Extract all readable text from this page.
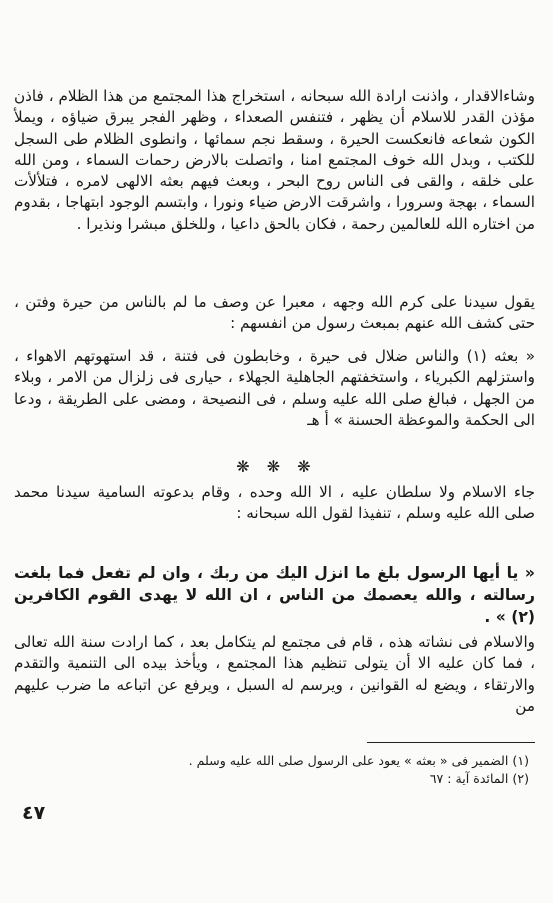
وشاءالاقدار ، واذنت ارادة الله سبحانه ، استخراج هذا المجتمع من هذا الظلام ، فاذن مؤذن القدر للاسلام أن يظهر ، فتنفس الصعداء ، وظهر الفجر يبرق ضياؤه ، ويملأ الكون شعاعه فانعكست الحيرة ، وسقط نجم سمائها ، وانطوى الظلام طى السجل للكتب ، وبدل الله خوف المجتمع امنا ، واتصلت بالارض رحمات السماء ، ومن الله على خلقه ، والقى فى الناس روح البحر ، وبعث فيهم بعثه الالهى لامره ، فتلألأت السماء ، بهجة وسرورا ، واشرقت الارض ضياء ونورا ، وابتسم الوجود ابتهاجا ، بقدوم من اختاره الله للعالمين رحمة ، فكان بالحق داعيا ، وللخلق مبشرا ونذيرا .

يقول سيدنا على كرم الله وجهه ، معبرا عن وصف ما لم بالناس من حيرة وفتن ، حتى كشف الله عنهم بمبعث رسول من انفسهم :

« بعثه (١) والناس ضلال فى حيرة ، وخابطون فى فتنة ، قد استهوتهم الاهواء ، واستزلهم الكبرياء ، واستخفتهم الجاهلية الجهلاء ، حيارى فى زلزال من الامر ، وبلاء من الجهل ، فبالغ صلى الله عليه وسلم ، فى النصيحة ، ومضى على الطريقة ، ودعا الى الحكمة والموعظة الحسنة » أ هـ

❋ ❋ ❋

جاء الاسلام ولا سلطان عليه ، الا الله وحده ، وقام بدعوته السامية سيدنا محمد صلى الله عليه وسلم ، تنفيذا لقول الله سبحانه :

« يا أيها الرسول بلغ ما انزل اليك من ربك ، وان لم تفعل فما بلغت رسالته ، والله يعصمك من الناس ، ان الله لا يهدى القوم الكافرين (٢) » .

والاسلام فى نشاته هذه ، قام فى مجتمع لم يتكامل بعد ، كما ارادت سنة الله تعالى ، فما كان عليه الا أن يتولى تنظيم هذا المجتمع ، ويأخذ بيده الى التنمية والتقدم والارتقاء ، ويضع له القوانين ، ويرسم له السبل ، ويرفع عن اتباعه ما ضرب عليهم من

(١) الضمير فى « بعثه » يعود على الرسول صلى الله عليه وسلم .
(٢) المائدة آية : ٦٧
٤٧
